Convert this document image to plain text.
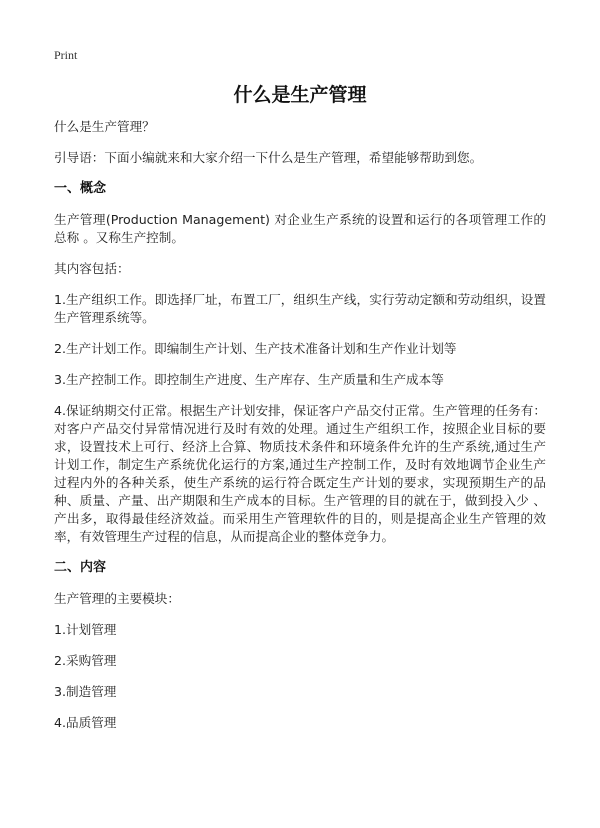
Print
什么是生产管理

什么是生产管理？

引导语：下面小编就来和大家介绍一下什么是生产管理，希望能够帮助到您。

一、概念

生产管理(Production Management) 对企业生产系统的设置和运行的各项管理工作的总称 。又称生产控制。

其内容包括：

1.生产组织工作。即选择厂址，布置工厂，组织生产线，实行劳动定额和劳动组织，设置生产管理系统等。

2.生产计划工作。即编制生产计划、生产技术准备计划和生产作业计划等

3.生产控制工作。即控制生产进度、生产库存、生产质量和生产成本等

4.保证纳期交付正常。根据生产计划安排，保证客户产品交付正常。生产管理的任务有：对客户产品交付异常情况进行及时有效的处理。通过生产组织工作，按照企业目标的要求，设置技术上可行、经济上合算、物质技术条件和环境条件允许的生产系统,通过生产计划工作，制定生产系统优化运行的方案,通过生产控制工作，及时有效地调节企业生产过程内外的各种关系，使生产系统的运行符合既定生产计划的要求，实现预期生产的品种、质量、产量、出产期限和生产成本的目标。生产管理的目的就在于，做到投入少 、产出多，取得最佳经济效益。而采用生产管理软件的目的，则是提高企业生产管理的效率，有效管理生产过程的信息，从而提高企业的整体竞争力。

二、内容

生产管理的主要模块：

1.计划管理

2.采购管理

3.制造管理

4.品质管理
